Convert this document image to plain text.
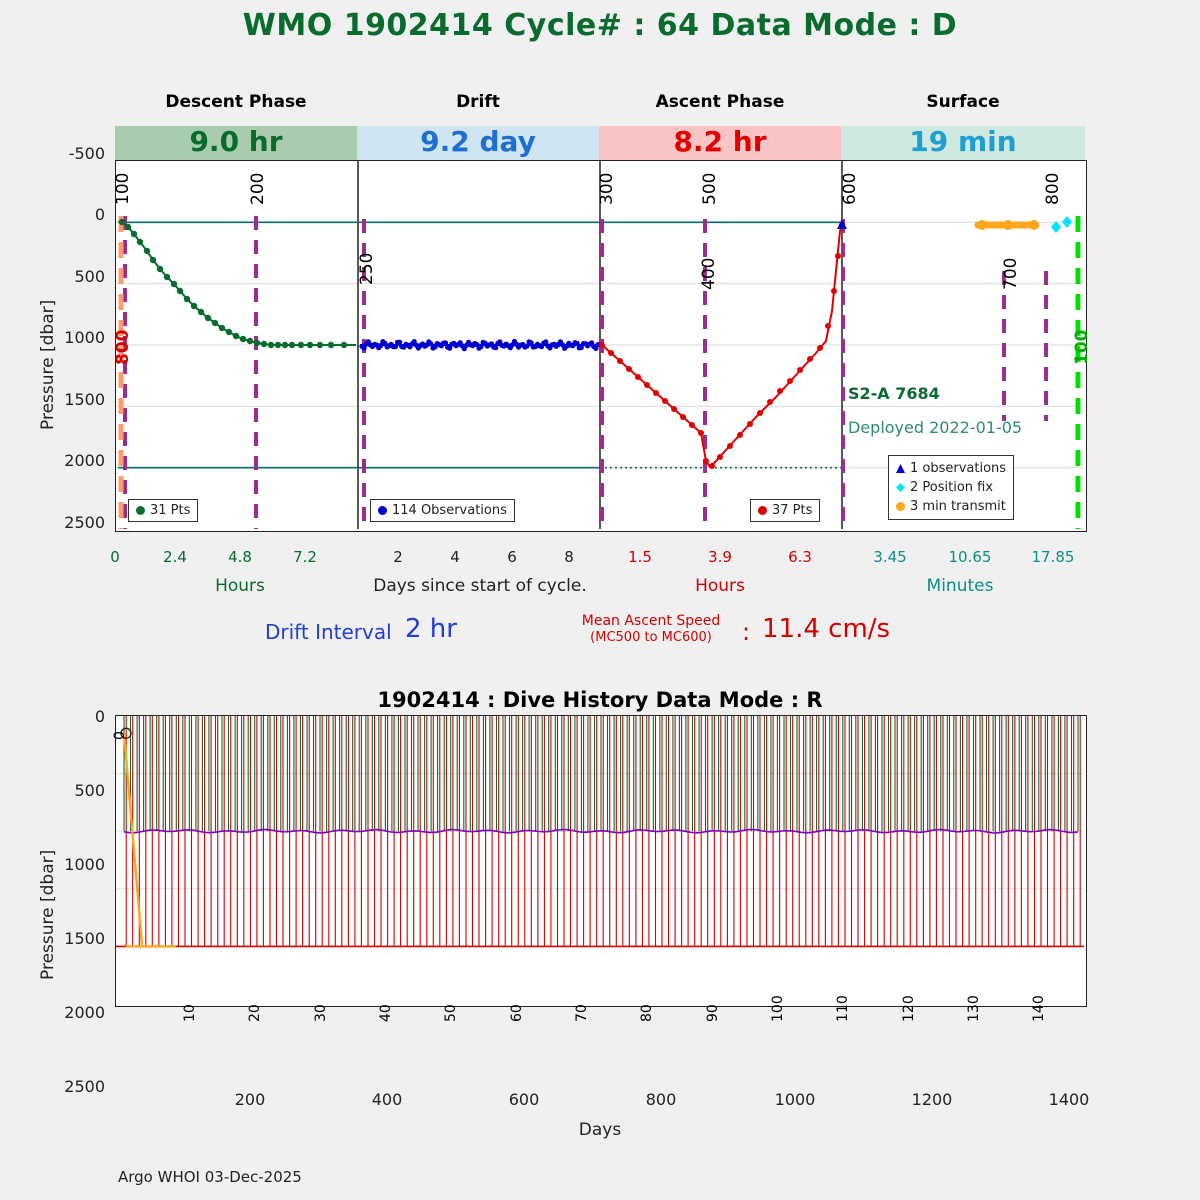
WMO 1902414 Cycle# : 64 Data Mode : D
Descent Phase	Drift	Ascent Phase	Surface
9.0 hr	9.2 day	8.2 hr	19 min
Pressure [dbar]
-500
0
500
1000
1500
2000
2500
100	200
250
300
400
500	600
700
800
800	100
31 Pts	114 Observations	37 Pts
1 observations
2 Position fix
3 min transmit
S2-A 7684
Deployed 2022-01-05
0	2.4	4.8	7.2	2	4	6	8	1.5	3.9	6.3	3.45	10.65	17.85
Hours	Days since start of cycle.	Hours	Minutes
Drift Interval 2 hr	Mean Ascent Speed
(MC500 to MC600)	: 11.4 cm/s
1902414 : Dive History Data Mode : R
Pressure [dbar]
0
500
1000
1500
2000
2500
0
200	400	600	800	1000	1200	1400
Days
10	20	30	40	50	60	70	80	90	100	110	120	130	140
Argo WHOI 03-Dec-2025
